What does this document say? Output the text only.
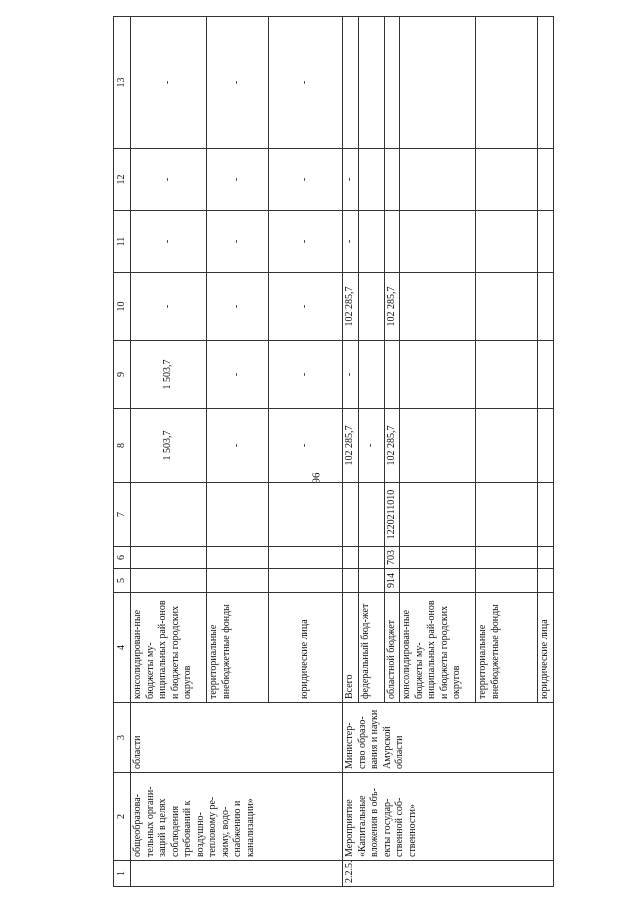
96
1	2	3	4	5	6	7	8	9	10	11	12	13
	общеобразова-тельных органи-заций в целях соблюдения требований к воздушно-тепловому ре-жиму, водо-снабжению и канализации»	области	консолидирован-ные бюджеты му-ниципальных рай-онов и бюджеты городских округов				1 503,7	1 503,7	-	-	-	-
			территориальные внебюджетные фонды				-	-	-	-	-	-
			юридические лица				-	-	-	-	-	-
2.2.5.	Мероприятие «Капитальные вложения в объ-екты государ-ственной соб-ственности»	Министер-ство образо-вания и науки Амурской области	Всего				102 285,7	-	102 285,7	-	-	
			федеральный бюд-жет				-					
			областной бюджет	914	703	1220211010	102 285,7		102 285,7			
			консолидирован-ные бюджеты му-ниципальных рай-онов и бюджеты городских округов									
			территориальные внебюджетные фонды									
			юридические лица									
